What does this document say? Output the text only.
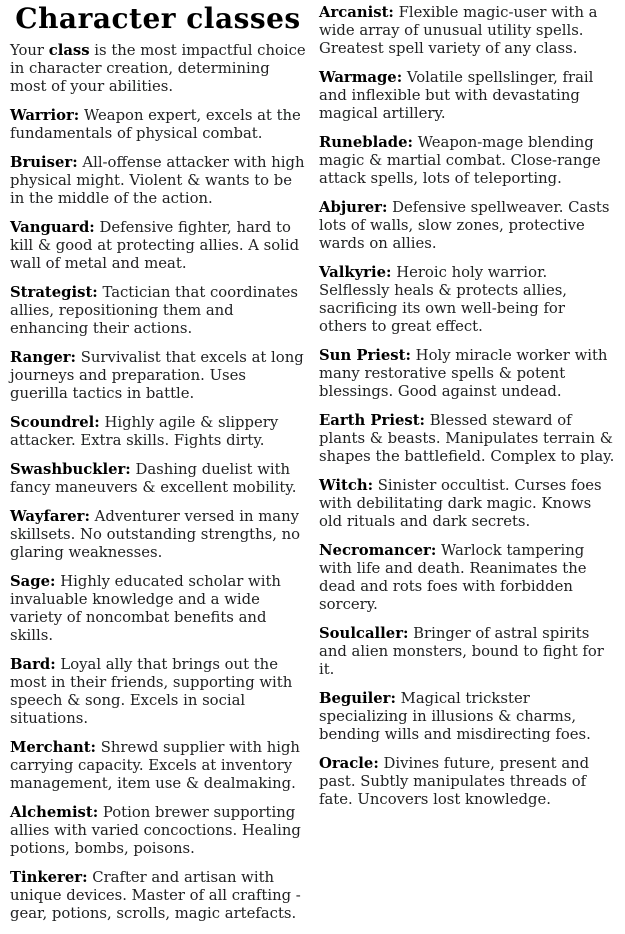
Character classes

Your class is the most impactful choice in character creation, determining most of your abilities.

Warrior: Weapon expert, excels at the fundamentals of physical combat.

Bruiser: All-offense attacker with high physical might. Violent & wants to be in the middle of the action.

Vanguard: Defensive fighter, hard to kill & good at protecting allies. A solid wall of metal and meat.

Strategist: Tactician that coordinates allies, repositioning them and enhancing their actions.

Ranger: Survivalist that excels at long journeys and preparation. Uses guerilla tactics in battle.

Scoundrel: Highly agile & slippery attacker. Extra skills. Fights dirty.

Swashbuckler: Dashing duelist with fancy maneuvers & excellent mobility.

Wayfarer: Adventurer versed in many skillsets. No outstanding strengths, no glaring weaknesses.

Sage: Highly educated scholar with invaluable knowledge and a wide variety of noncombat benefits and skills.

Bard: Loyal ally that brings out the most in their friends, supporting with speech & song. Excels in social situations.

Merchant: Shrewd supplier with high carrying capacity. Excels at inventory management, item use & dealmaking.

Alchemist: Potion brewer supporting allies with varied concoctions. Healing potions, bombs, poisons.

Tinkerer: Crafter and artisan with unique devices. Master of all crafting - gear, potions, scrolls, magic artefacts.

Arcanist: Flexible magic-user with a wide array of unusual utility spells. Greatest spell variety of any class.

Warmage: Volatile spellslinger, frail and inflexible but with devastating magical artillery.

Runeblade: Weapon-mage blending magic & martial combat. Close-range attack spells, lots of teleporting.

Abjurer: Defensive spellweaver. Casts lots of walls, slow zones, protective wards on allies.

Valkyrie: Heroic holy warrior. Selflessly heals & protects allies, sacrificing its own well-being for others to great effect.

Sun Priest: Holy miracle worker with many restorative spells & potent blessings. Good against undead.

Earth Priest: Blessed steward of plants & beasts. Manipulates terrain & shapes the battlefield. Complex to play.

Witch: Sinister occultist. Curses foes with debilitating dark magic. Knows old rituals and dark secrets.

Necromancer: Warlock tampering with life and death. Reanimates the dead and rots foes with forbidden sorcery.

Soulcaller: Bringer of astral spirits and alien monsters, bound to fight for it.

Beguiler: Magical trickster specializing in illusions & charms, bending wills and misdirecting foes.

Oracle: Divines future, present and past. Subtly manipulates threads of fate. Uncovers lost knowledge.
